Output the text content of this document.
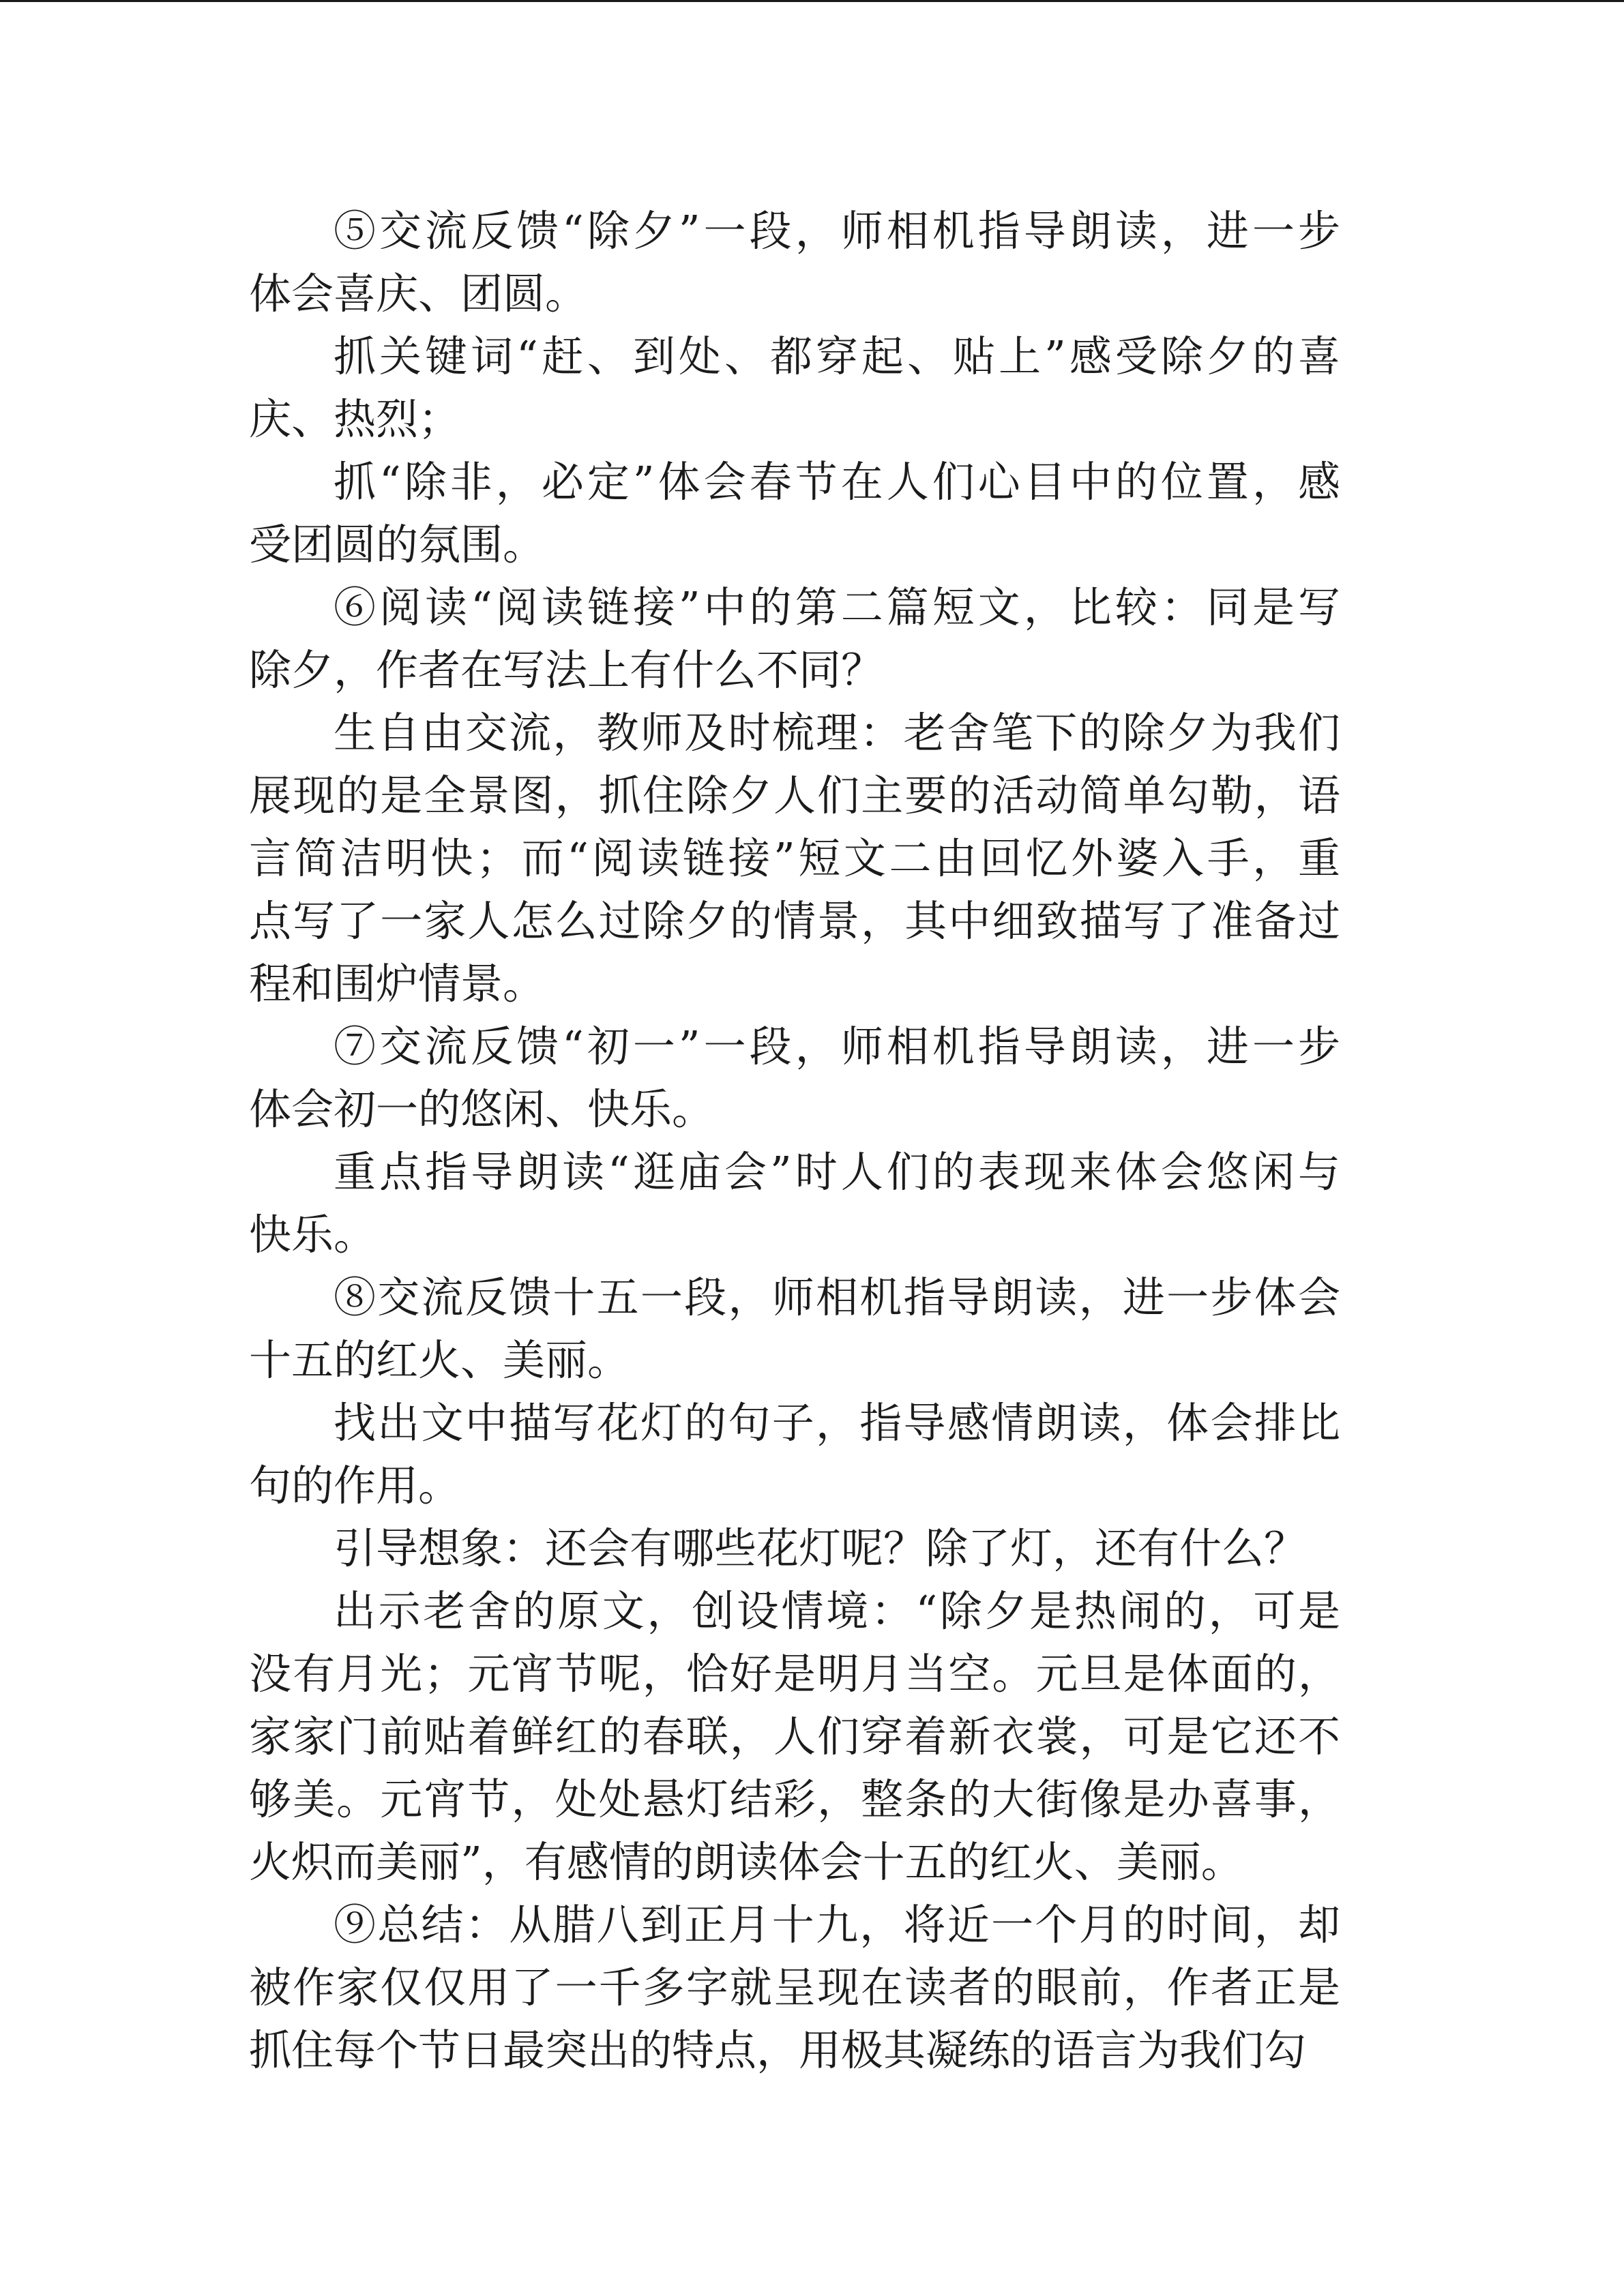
⑤交流反馈“除夕”一段，师相机指导朗读，进一步
体会喜庆、团圆。
抓关键词“赶、到处、都穿起、贴上”感受除夕的喜
庆、热烈；
抓“除非，必定”体会春节在人们心目中的位置，感
受团圆的氛围。
⑥阅读“阅读链接”中的第二篇短文，比较：同是写
除夕，作者在写法上有什么不同？
生自由交流，教师及时梳理：老舍笔下的除夕为我们
展现的是全景图，抓住除夕人们主要的活动简单勾勒，语
言简洁明快；而“阅读链接”短文二由回忆外婆入手，重
点写了一家人怎么过除夕的情景，其中细致描写了准备过
程和围炉情景。
⑦交流反馈“初一”一段，师相机指导朗读，进一步
体会初一的悠闲、快乐。
重点指导朗读“逛庙会”时人们的表现来体会悠闲与
快乐。
⑧交流反馈十五一段，师相机指导朗读，进一步体会
十五的红火、美丽。
找出文中描写花灯的句子，指导感情朗读，体会排比
句的作用。
引导想象：还会有哪些花灯呢？除了灯，还有什么？
出示老舍的原文，创设情境：“除夕是热闹的，可是
没有月光；元宵节呢，恰好是明月当空。元旦是体面的，
家家门前贴着鲜红的春联，人们穿着新衣裳，可是它还不
够美。元宵节，处处悬灯结彩，整条的大街像是办喜事，
火炽而美丽”，有感情的朗读体会十五的红火、美丽。
⑨总结：从腊八到正月十九，将近一个月的时间，却
被作家仅仅用了一千多字就呈现在读者的眼前，作者正是
抓住每个节日最突出的特点，用极其凝练的语言为我们勾
